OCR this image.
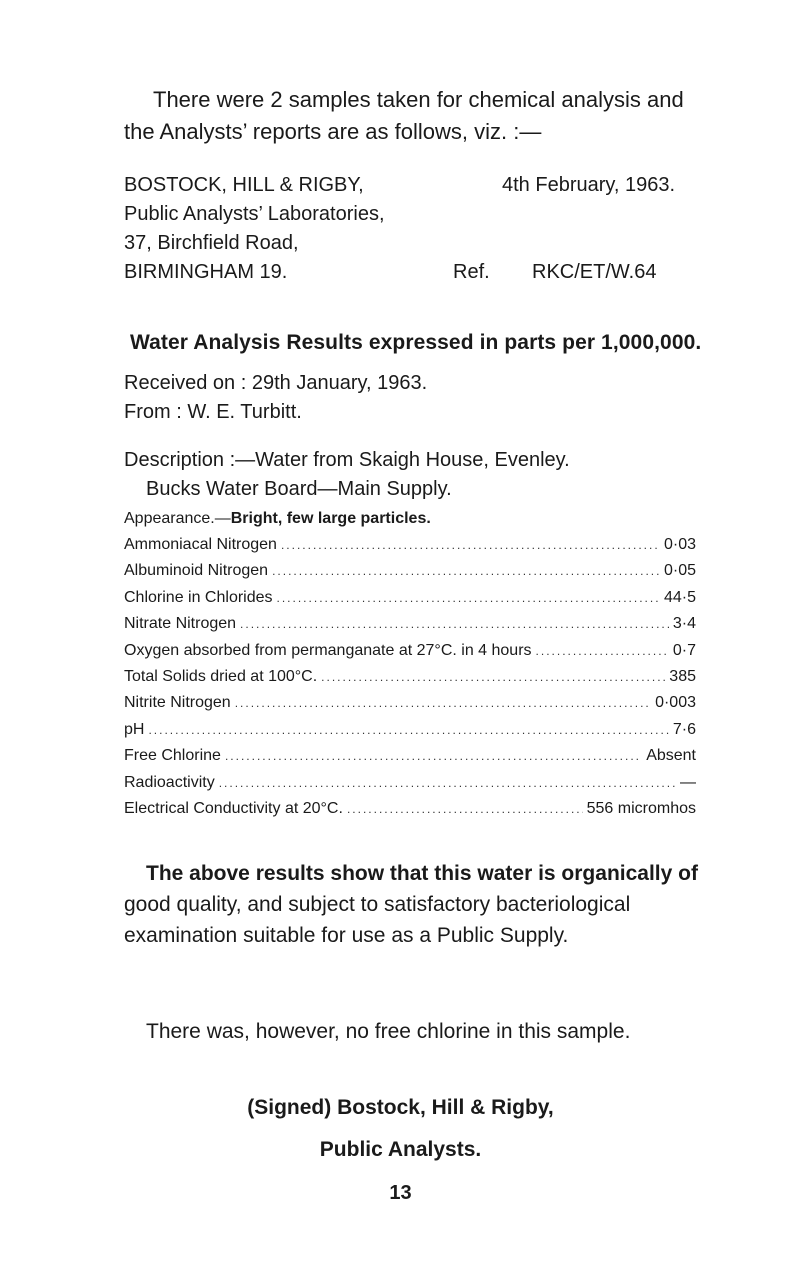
There were 2 samples taken for chemical analysis and
the Analysts’ reports are as follows, viz. :—
BOSTOCK, HILL & RIGBY,
Public Analysts’ Laboratories,
37, Birchfield Road,
BIRMINGHAM 19.
4th February, 1963.
Ref. RKC/ET/W.64
Water Analysis Results expressed in parts per 1,000,000.
Received on : 29th January, 1963.
From : W. E. Turbitt.
Description :—Water from Skaigh House, Evenley.
Bucks Water Board—Main Supply.
Appearance.— Bright, few large particles.
Ammoniacal Nitrogen .....	0·03
Albuminoid Nitrogen .....	0·05
Chlorine in Chlorides .....	44·5
Nitrate Nitrogen .....	3·4
Oxygen absorbed from permanganate at 27°C. in 4 hours .....	0·7
Total Solids dried at 100°C. .....	385
Nitrite Nitrogen .....	0·003
pH .....	7·6
Free Chlorine .....	Absent
Radioactivity .....	—
Electrical Conductivity at 20°C. .....	556 micromhos
The above results show that this water is organically of
good quality, and subject to satisfactory bacteriological
examination suitable for use as a Public Supply.
There was, however, no free chlorine in this sample.
(Signed) Bostock, Hill & Rigby,
Public Analysts.
13
